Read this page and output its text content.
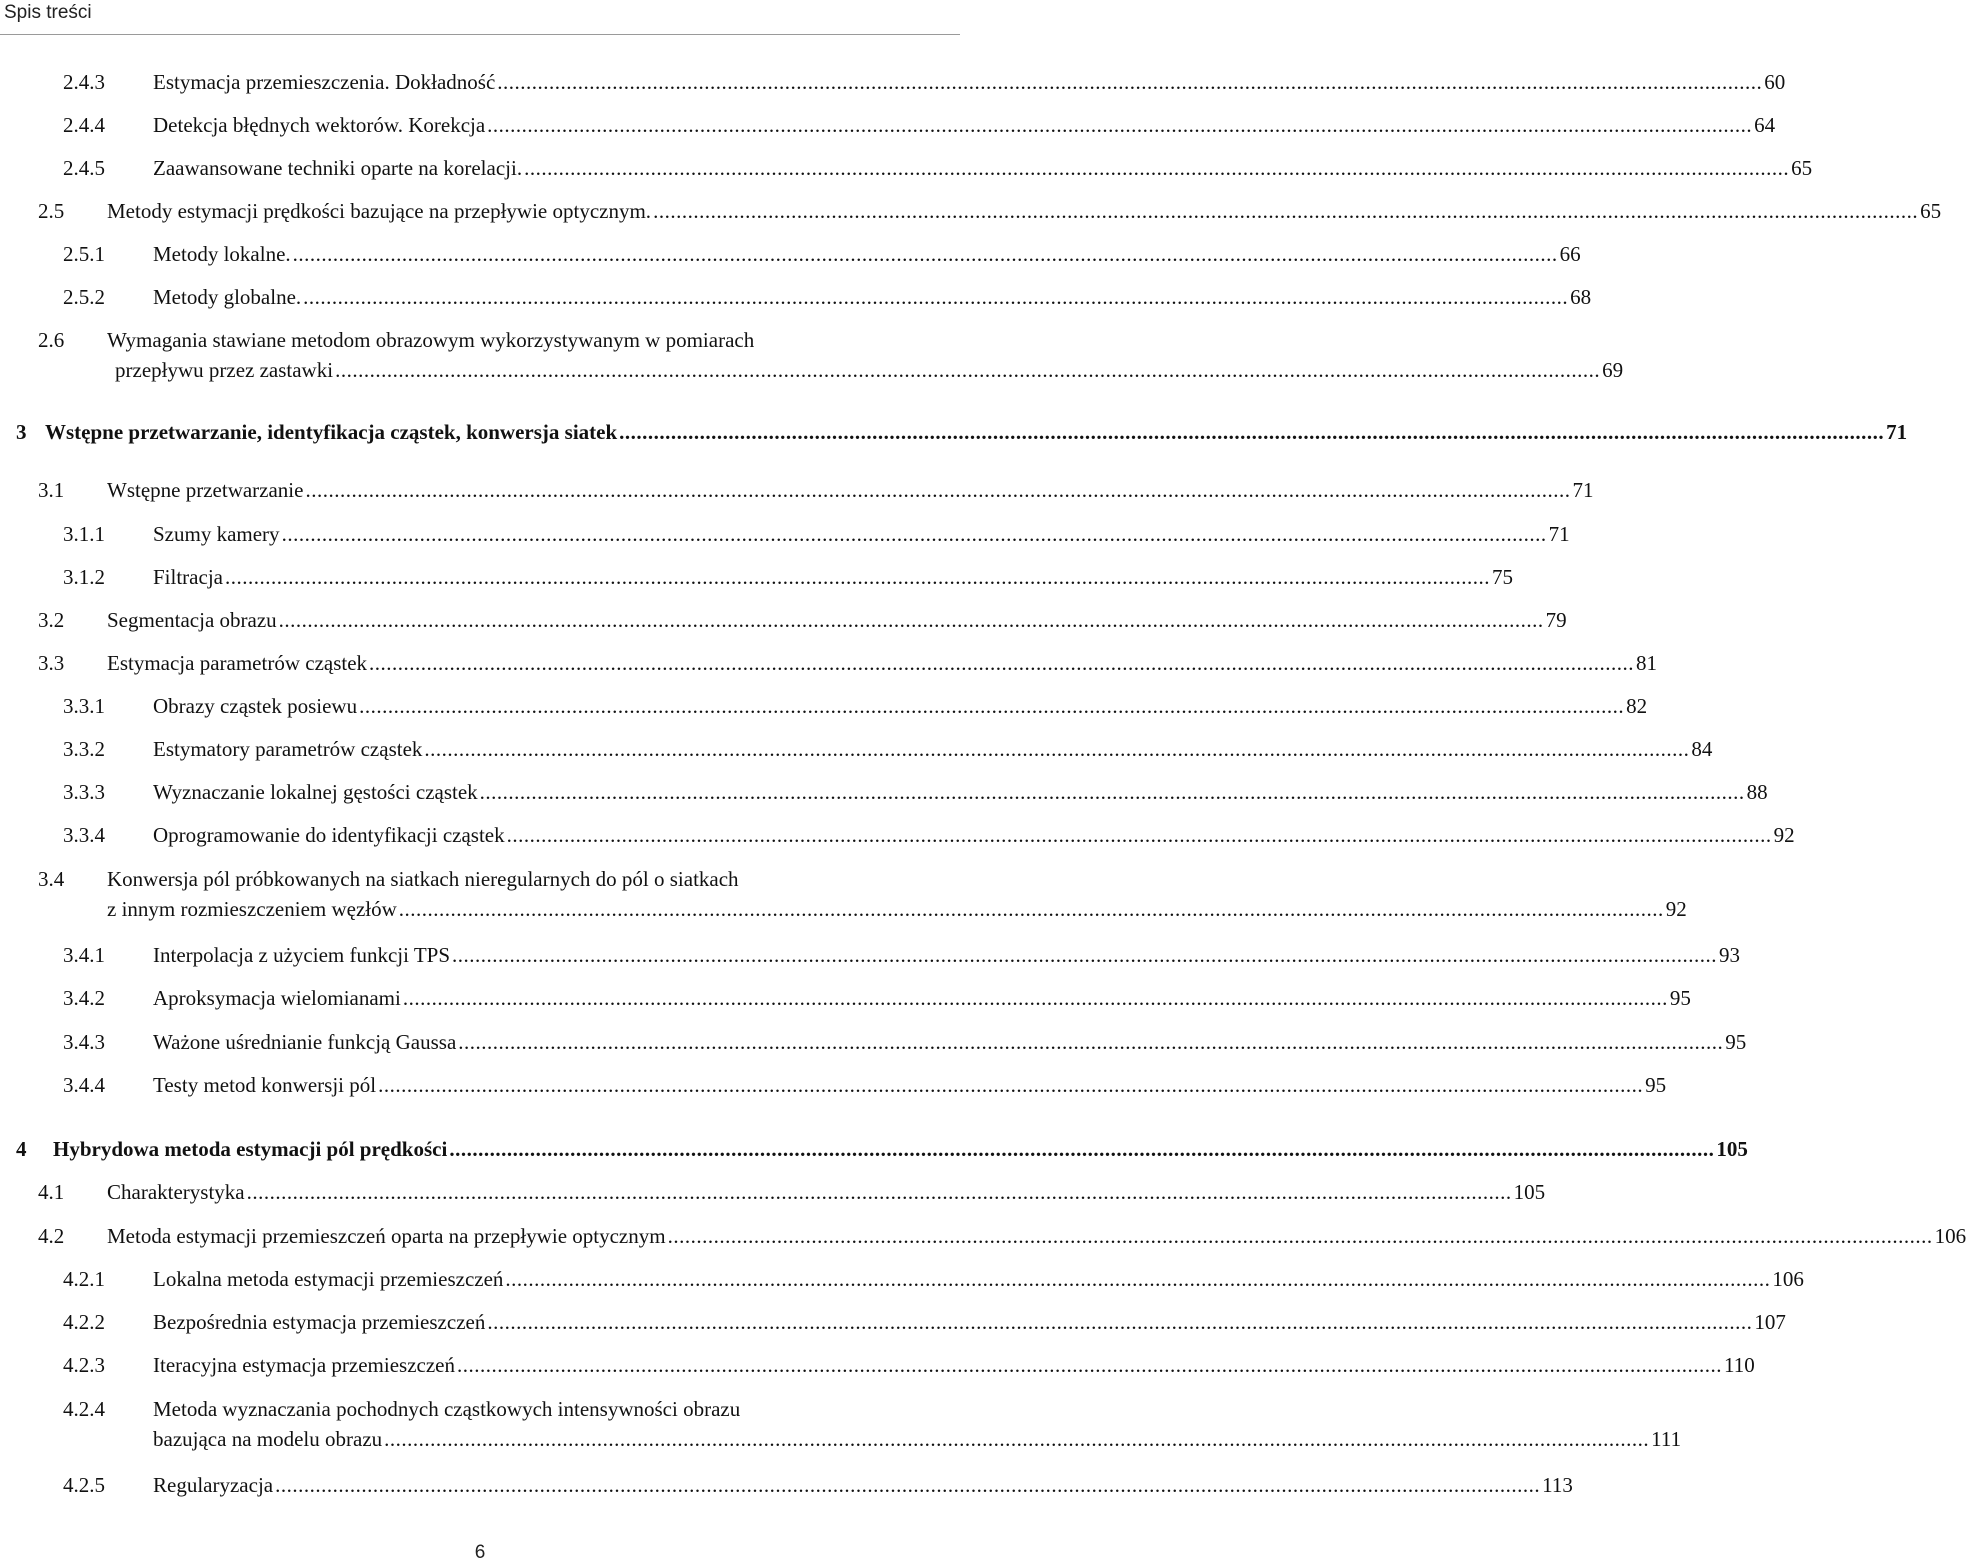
Spis treści
2.4.3 Estymacja przemieszczenia. Dokładność ............................................................................................................................................................................................................................ 60
2.4.4 Detekcja błędnych wektorów. Korekcja ............................................................................................................................................................................................................................ 64
2.4.5 Zaawansowane techniki oparte na korelacji. ............................................................................................................................................................................................................................ 65
2.5 Metody estymacji prędkości bazujące na przepływie optycznym. ............................................................................................................................................................................................................................ 65
2.5.1 Metody lokalne. ............................................................................................................................................................................................................................ 66
2.5.2 Metody globalne. ............................................................................................................................................................................................................................ 68
2.6 Wymagania stawiane metodom obrazowym wykorzystywanym w pomiarach
przepływu przez zastawki ............................................................................................................................................................................................................................ 69
3 Wstępne przetwarzanie, identyfikacja cząstek, konwersja siatek ............................................................................................................................................................................................................................ 71
3.1 Wstępne przetwarzanie ............................................................................................................................................................................................................................ 71
3.1.1 Szumy kamery ............................................................................................................................................................................................................................ 71
3.1.2 Filtracja ............................................................................................................................................................................................................................ 75
3.2 Segmentacja obrazu ............................................................................................................................................................................................................................ 79
3.3 Estymacja parametrów cząstek ............................................................................................................................................................................................................................ 81
3.3.1 Obrazy cząstek posiewu ............................................................................................................................................................................................................................ 82
3.3.2 Estymatory parametrów cząstek ............................................................................................................................................................................................................................ 84
3.3.3 Wyznaczanie lokalnej gęstości cząstek ............................................................................................................................................................................................................................ 88
3.3.4 Oprogramowanie do identyfikacji cząstek ............................................................................................................................................................................................................................ 92
3.4 Konwersja pól próbkowanych na siatkach nieregularnych do pól o siatkach
z innym rozmieszczeniem węzłów ............................................................................................................................................................................................................................ 92
3.4.1 Interpolacja z użyciem funkcji TPS ............................................................................................................................................................................................................................ 93
3.4.2 Aproksymacja wielomianami ............................................................................................................................................................................................................................ 95
3.4.3 Ważone uśrednianie funkcją Gaussa ............................................................................................................................................................................................................................ 95
3.4.4 Testy metod konwersji pól ............................................................................................................................................................................................................................ 95
4 Hybrydowa metoda estymacji pól prędkości ............................................................................................................................................................................................................................ 105
4.1 Charakterystyka ............................................................................................................................................................................................................................ 105
4.2 Metoda estymacji przemieszczeń oparta na przepływie optycznym ............................................................................................................................................................................................................................ 106
4.2.1 Lokalna metoda estymacji przemieszczeń ............................................................................................................................................................................................................................ 106
4.2.2 Bezpośrednia estymacja przemieszczeń ............................................................................................................................................................................................................................ 107
4.2.3 Iteracyjna estymacja przemieszczeń ............................................................................................................................................................................................................................ 110
4.2.4 Metoda wyznaczania pochodnych cząstkowych intensywności obrazu
bazująca na modelu obrazu ............................................................................................................................................................................................................................ 111
4.2.5 Regularyzacja ............................................................................................................................................................................................................................ 113
6
